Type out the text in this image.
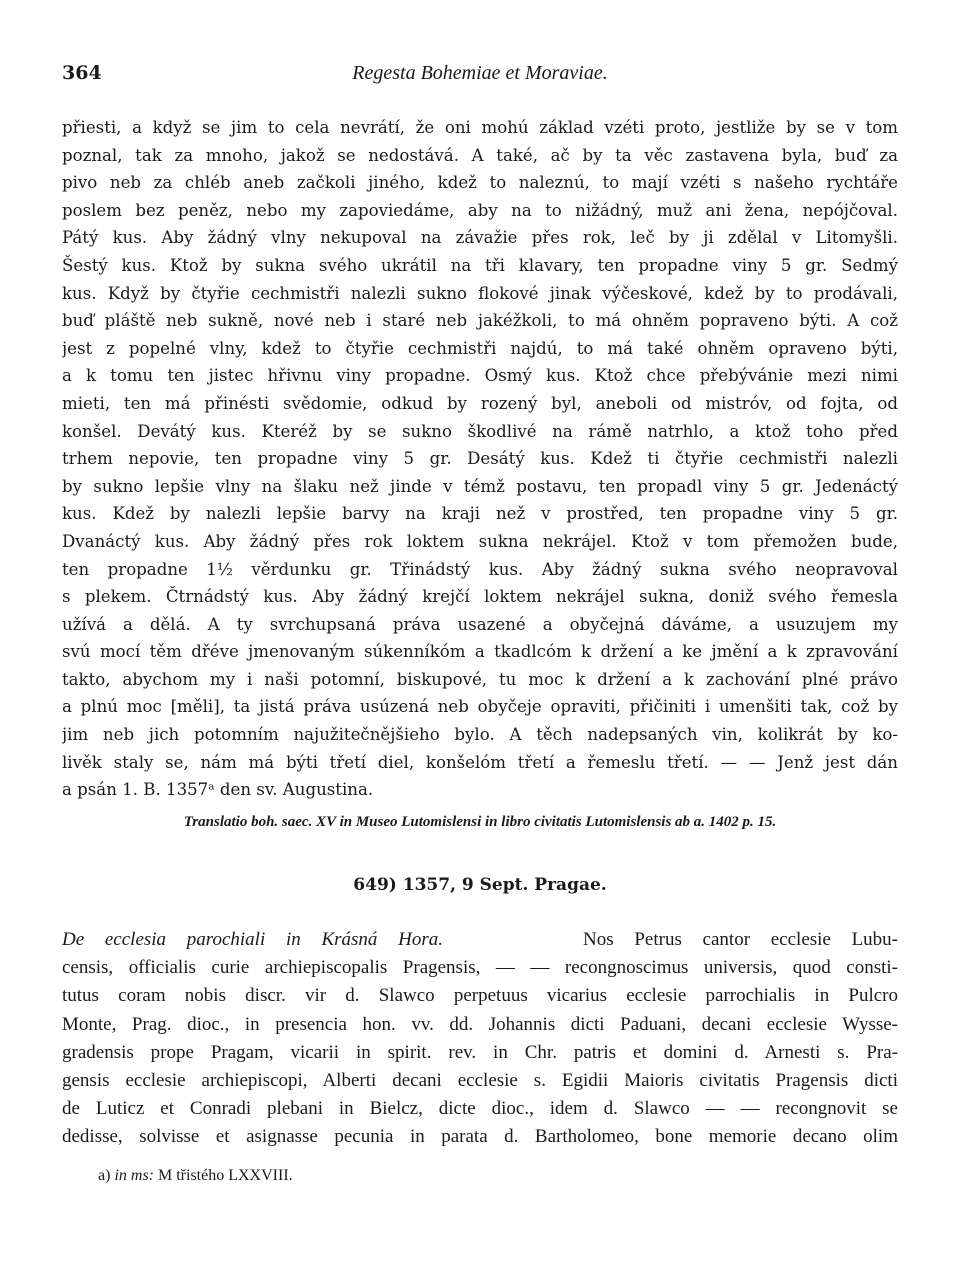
364	Regesta Bohemiae et Moraviae.
přiesti, a když se jim to cela nevrátí, že oni mohú základ vzéti proto, jestliže by se v tom
poznal, tak za mnoho, jakož se nedostává. A také, ač by ta věc zastavena byla, buď za
pivo neb za chléb aneb začkoli jiného, kdež to naleznú, to mají vzéti s našeho rychtáře
poslem bez peněz, nebo my zapoviedáme, aby na to nižádný, muž ani žena, nepójčoval.
Pátý kus. Aby žádný vlny nekupoval na závažie přes rok, leč by ji zdělal v Litomyšli.
Šestý kus. Ktož by sukna svého ukrátil na tři klavary, ten propadne viny 5 gr. Sedmý
kus. Když by čtyřie cechmistři nalezli sukno flokové jinak výčeskové, kdež by to prodávali,
buď pláště neb sukně, nové neb i staré neb jakéžkoli, to má ohněm popraveno býti. A což
jest z popelné vlny, kdež to čtyřie cechmistři najdú, to má také ohněm opraveno býti,
a k tomu ten jistec hřivnu viny propadne. Osmý kus. Ktož chce přebývánie mezi nimi
mieti, ten má přinésti svědomie, odkud by rozený byl, aneboli od mistróv, od fojta, od
konšel. Devátý kus. Kteréž by se sukno škodlivé na rámě natrhlo, a ktož toho před
trhem nepovie, ten propadne viny 5 gr. Desátý kus. Kdež ti čtyřie cechmistři nalezli
by sukno lepšie vlny na šlaku než jinde v témž postavu, ten propadl viny 5 gr. Jedenáctý
kus. Kdež by nalezli lepšie barvy na kraji než v prostřed, ten propadne viny 5 gr.
Dvanáctý kus. Aby žádný přes rok loktem sukna nekrájel. Ktož v tom přemožen bude,
ten propadne 1½ věrdunku gr. Třinádstý kus. Aby žádný sukna svého neopravoval
s plekem. Čtrnádstý kus. Aby žádný krejčí loktem nekrájel sukna, doniž svého řemesla
užívá a dělá. A ty svrchupsaná práva usazené a obyčejná dáváme, a usuzujem my
svú mocí těm dřéve jmenovaným súkenníkóm a tkadlcóm k držení a ke jmění a k zpravování
takto, abychom my i naši potomní, biskupové, tu moc k držení a k zachování plné právo
a plnú moc [měli], ta jistá práva usúzená neb obyčeje opraviti, přičiniti i umenšiti tak, což by
jim neb jich potomním najužitečnějšieho bylo. A těch nadepsaných vin, kolikrát by ko-
livěk staly se, nám má býti třetí diel, konšelóm třetí a řemeslu třetí. — — Jenž jest dán
a psán 1. B. 1357ᵃ den sv. Augustina.
Translatio boh. saec. XV in Museo Lutomislensi in libro civitatis Lutomislensis ab a. 1402 p. 15.
649) 1357, 9 Sept. Pragae.
De ecclesia parochiali in Krásná Hora.	Nos Petrus cantor ecclesie Lubu-
censis, officialis curie archiepiscopalis Pragensis, — — recongnoscimus universis, quod consti-
tutus coram nobis discr. vir d. Slawco perpetuus vicarius ecclesie parrochialis in Pulcro
Monte, Prag. dioc., in presencia hon. vv. dd. Johannis dicti Paduani, decani ecclesie Wysse-
gradensis prope Pragam, vicarii in spirit. rev. in Chr. patris et domini d. Arnesti s. Pra-
gensis ecclesie archiepiscopi, Alberti decani ecclesie s. Egidii Maioris civitatis Pragensis dicti
de Luticz et Conradi plebani in Bielcz, dicte dioc., idem d. Slawco — — recongnovit se
dedisse, solvisse et asignasse pecunia in parata d. Bartholomeo, bone memorie decano olim
a) in ms: M třistého LXXVIII.
